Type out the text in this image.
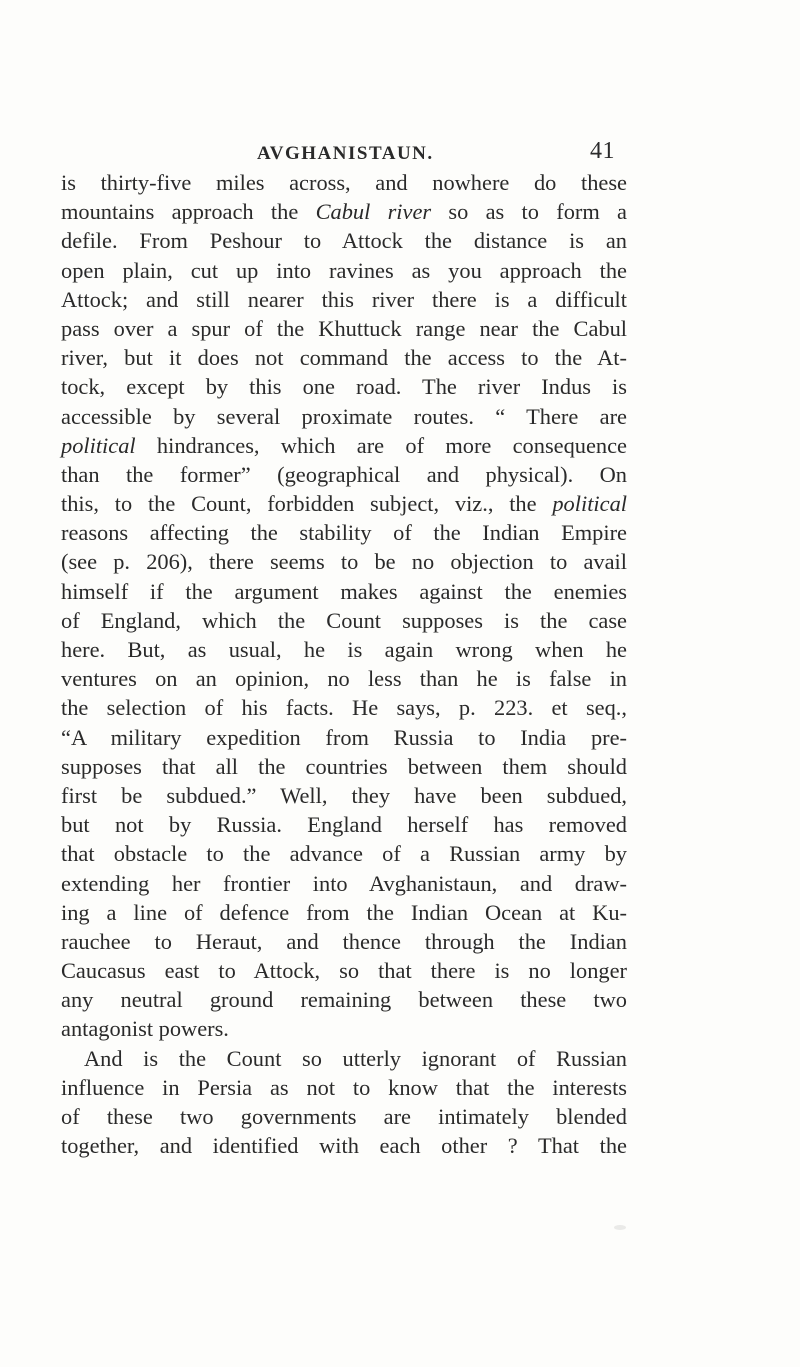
AVGHANISTAUN.	41
is thirty-five miles across, and nowhere do these
mountains approach the Cabul river so as to form a
defile. From Peshour to Attock the distance is an
open plain, cut up into ravines as you approach the
Attock; and still nearer this river there is a difficult
pass over a spur of the Khuttuck range near the Cabul
river, but it does not command the access to the At-
tock, except by this one road. The river Indus is
accessible by several proximate routes. “ There are
political hindrances, which are of more consequence
than the former” (geographical and physical). On
this, to the Count, forbidden subject, viz., the political
reasons affecting the stability of the Indian Empire
(see p. 206), there seems to be no objection to avail
himself if the argument makes against the enemies
of England, which the Count supposes is the case
here. But, as usual, he is again wrong when he
ventures on an opinion, no less than he is false in
the selection of his facts. He says, p. 223. et seq.,
“A military expedition from Russia to India pre-
supposes that all the countries between them should
first be subdued.” Well, they have been subdued,
but not by Russia. England herself has removed
that obstacle to the advance of a Russian army by
extending her frontier into Avghanistaun, and draw-
ing a line of defence from the Indian Ocean at Ku-
rauchee to Heraut, and thence through the Indian
Caucasus east to Attock, so that there is no longer
any neutral ground remaining between these two
antagonist powers.
And is the Count so utterly ignorant of Russian
influence in Persia as not to know that the interests
of these two governments are intimately blended
together, and identified with each other ? That the
